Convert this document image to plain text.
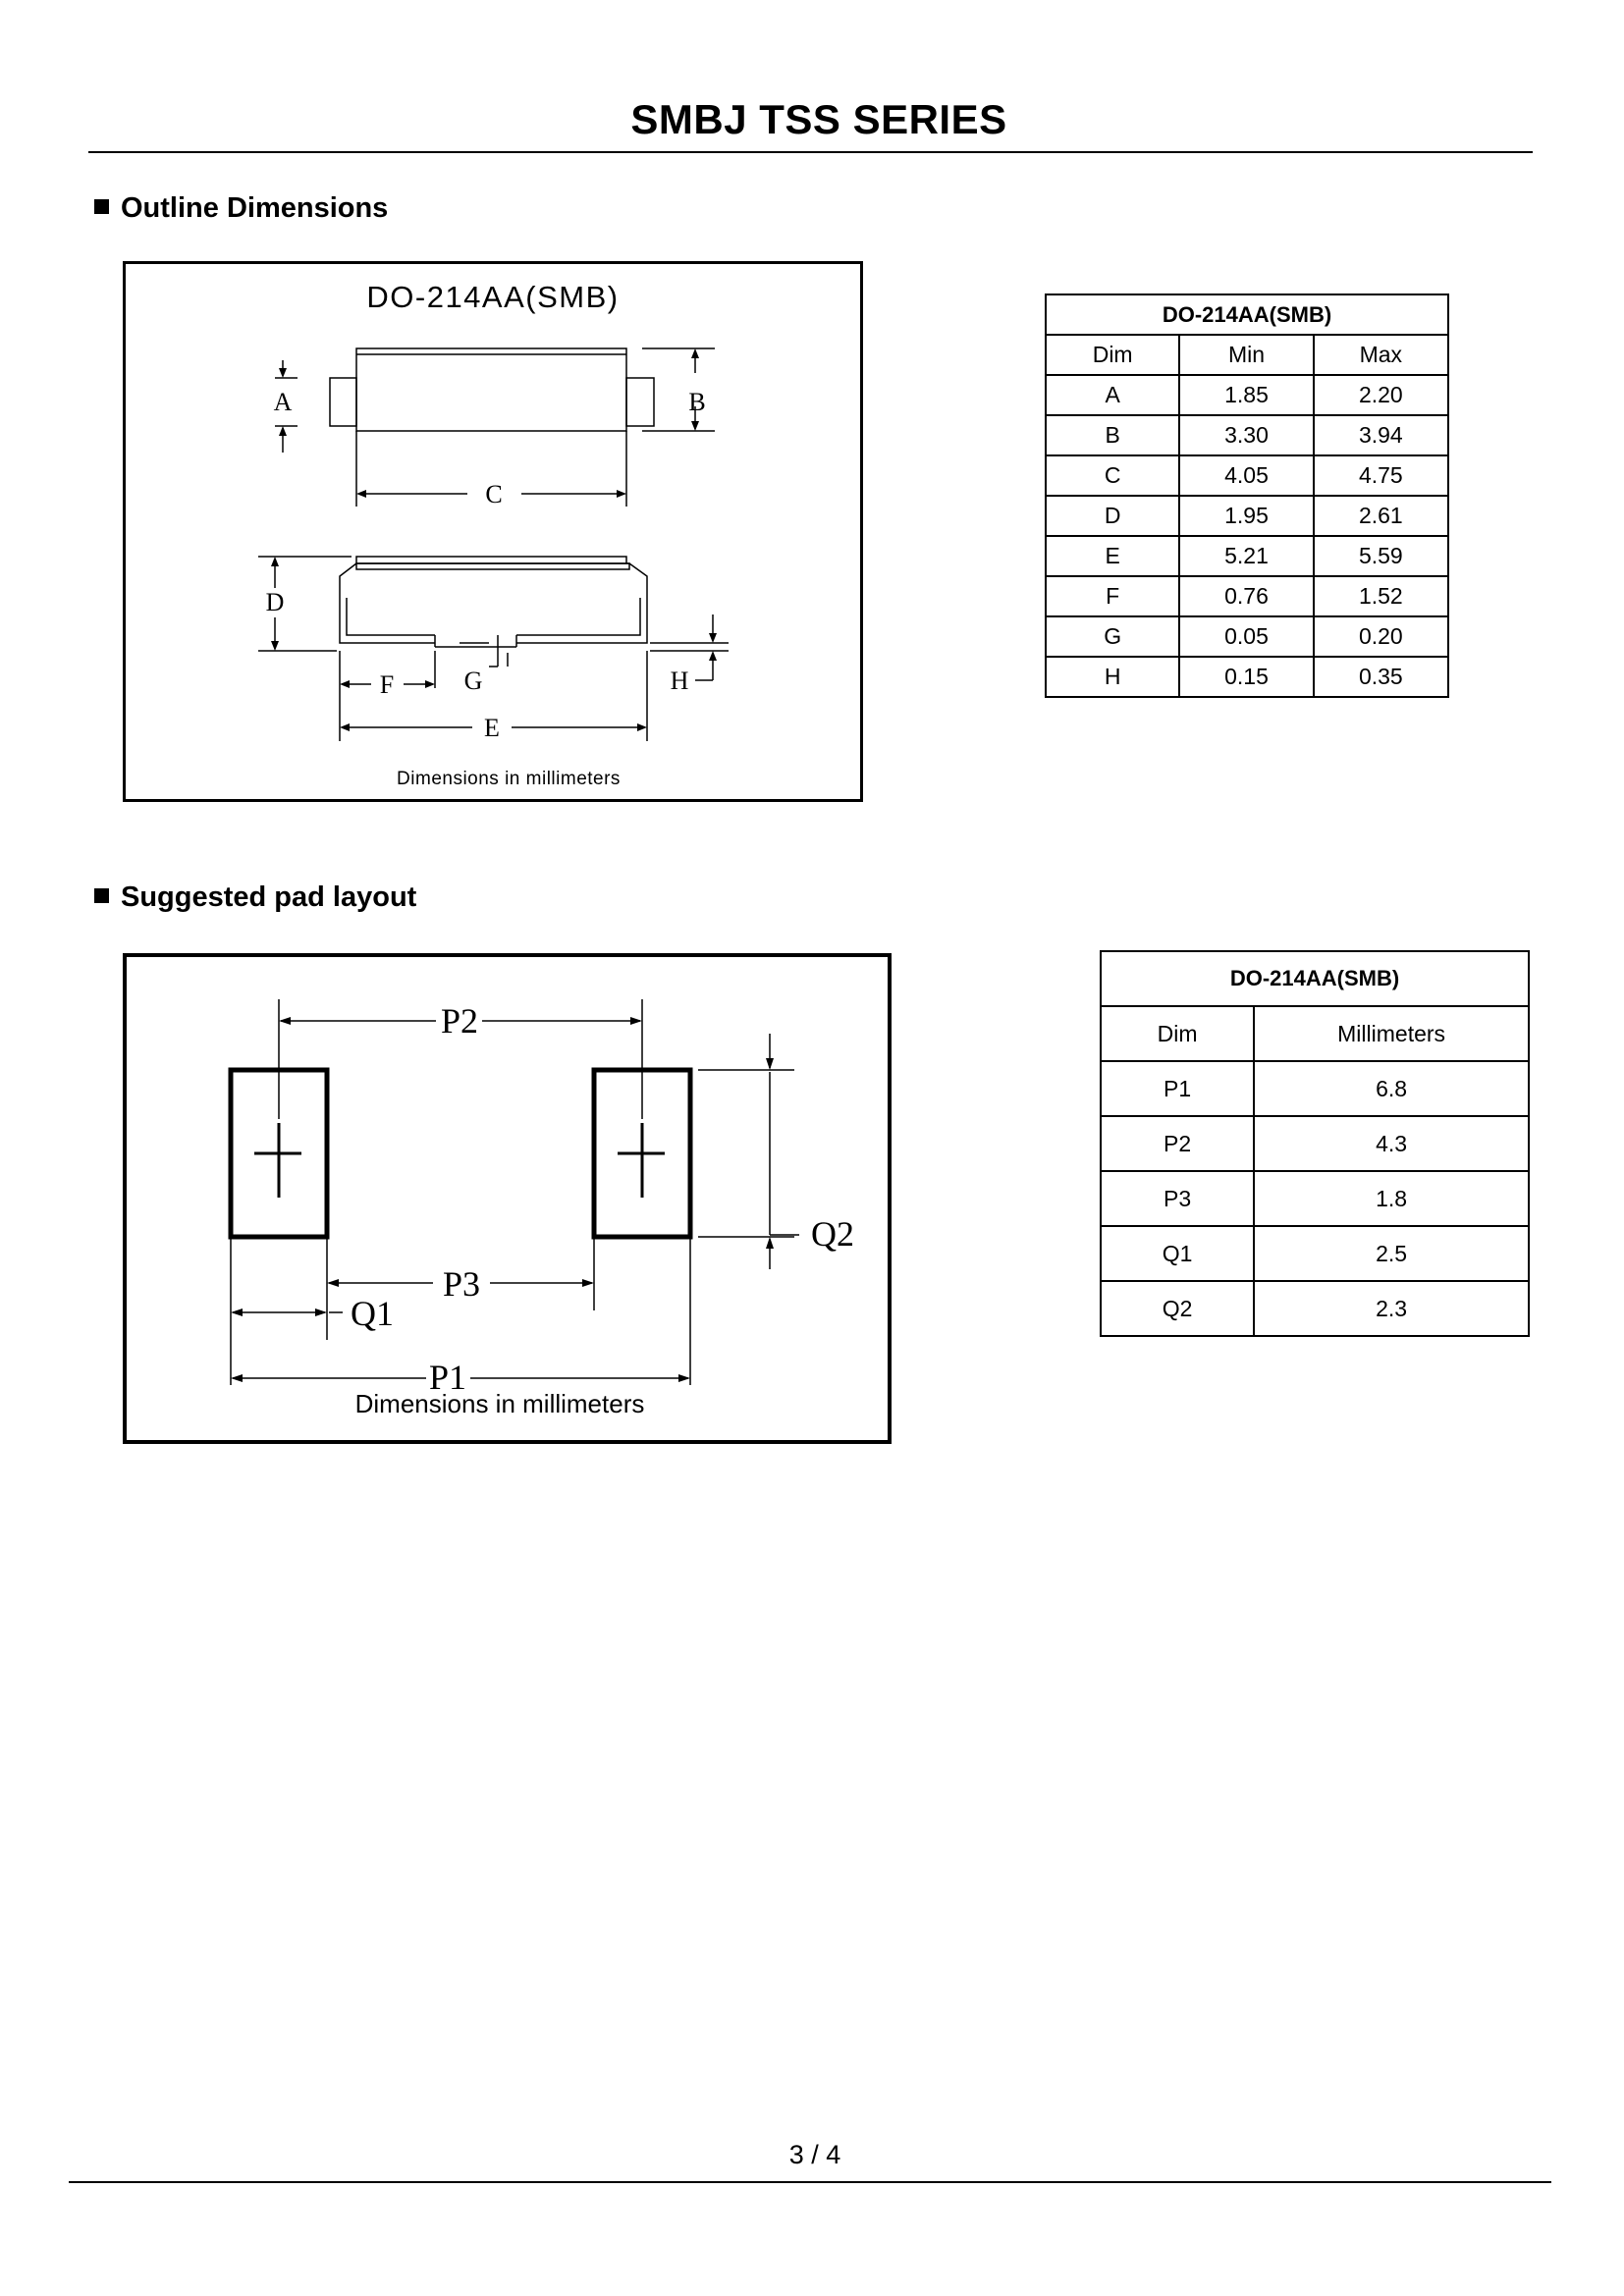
SMBJ TSS SERIES
Outline Dimensions
DO-214AA(SMB)
A	B
C
D
E
F	G	H
Dimensions in millimeters
DO-214AA(SMB)		
Dim	Min	Max
A	1.85	2.20
B	3.30	3.94
C	4.05	4.75
D	1.95	2.61
E	5.21	5.59
F	0.76	1.52
G	0.05	0.20
H	0.15	0.35
Suggested pad layout
P2
Q2
P3
Q1
P1
Dimensions in millimeters
DO-214AA(SMB)	
Dim	Millimeters
P1	6.8
P2	4.3
P3	1.8
Q1	2.5
Q2	2.3
3 / 4
